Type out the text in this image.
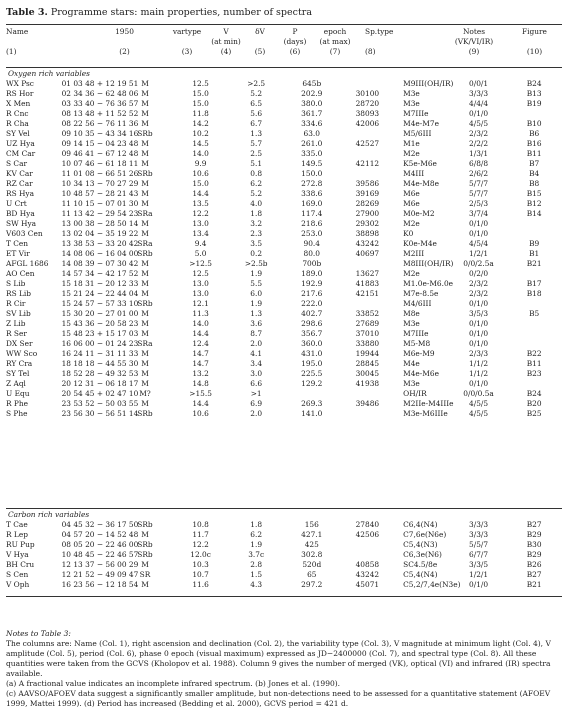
Table 3. Programme stars: main properties, number of spectra
Name	1950	vartype	V	δV	P	epoch	Sp.type	Notes	Figure
			(at min)		(days)	(at max)		(VK/VI/IR)	
(1)	(2)	(3)	(4)	(5)	(6)	(7)	(8)	(9)	(10)
Oxygen rich variables									
WX Psc	01 03 48 + 12 19 51	M	12.5	>2.5	645b		M9III(OH/IR)	0/0/1	B24
RS Hor	02 34 36 − 62 48 06	M	15.0	5.2	202.9	30100	M3e	3/3/3	B13
X Men	03 33 40 − 76 36 57	M	15.0	6.5	380.0	28720	M3e	4/4/4	B19
R Cnc	08 13 48 + 11 52 52	M	11.8	5.6	361.7	38093	M7IIIe	0/1/0	
R Cha	08 22 56 − 76 11 36	M	14.2	6.7	334.6	42006	M4e-M7e	4/5/5	B10
SY Vel	09 10 35 − 43 34 16	SRb	10.2	1.3	63.0		M5/6III	2/3/2	B6
UZ Hya	09 14 15 − 04 23 48	M	14.5	5.7	261.0	42527	M1e	2/2/2	B16
CM Car	09 46 41 − 67 12 48	M	14.0	2.5	335.0		M2e	1/3/1	B11
S Car	10 07 46 − 61 18 11	M	9.9	5.1	149.5	42112	K5e-M6e	6/8/8	B7
KV Car	11 01 08 − 66 51 26	SRb	10.6	0.8	150.0		M4III	2/6/2	B4
RZ Car	10 34 13 − 70 27 29	M	15.0	6.2	272.8	39586	M4e-M8e	5/7/7	B8
RS Hya	10 48 57 − 28 21 43	M	14.4	5.2	338.6	39169	M6e	5/7/7	B15
U Crt	11 10 15 − 07 01 30	M	13.5	4.0	169.0	28269	M6e	2/5/3	B12
BD Hya	11 13 42 − 29 54 23	SRa	12.2	1.8	117.4	27900	M0e-M2	3/7/4	B14
SW Hya	13 00 38 − 28 50 14	M	13.0	3.2	218.6	29302	M2e	0/1/0	
V603 Cen	13 02 04 − 35 19 22	M	13.4	2.3	253.0	38898	K0	0/1/0	
T Cen	13 38 53 − 33 20 42	SRa	9.4	3.5	90.4	43242	K0e-M4e	4/5/4	B9
ET Vir	14 08 06 − 16 04 00	SRb	5.0	0.2	80.0	40697	M2III	1/2/1	B1
AFGL 1686	14 08 39 − 07 30 42	M	>12.5	>2.5b	700b		M8III(OH/IR)	0/0/2.5a	B21
AO Cen	14 57 34 − 42 17 52	M	12.5	1.9	189.0	13627	M2e	0/2/0	
S Lib	15 18 31 − 20 12 33	M	13.0	5.5	192.9	41883	M1.0e-M6.0e	2/3/2	B17
RS Lib	15 21 24 − 22 44 04	M	13.0	6.0	217.6	42151	M7e-8.5e	2/3/2	B18
R Cir	15 24 57 − 57 33 10	SRb	12.1	1.9	222.0		M4/6III	0/1/0	
SV Lib	15 30 20 − 27 01 00	M	11.3	1.3	402.7	33852	M8e	3/5/3	B5
Z Lib	15 43 36 − 20 58 23	M	14.0	3.6	298.6	27689	M3e	0/1/0	
R Ser	15 48 23 + 15 17 03	M	14.4	8.7	356.7	37010	M7IIIe	0/1/0	
DX Ser	16 06 00 − 01 24 23	SRa	12.4	2.0	360.0	33880	M5-M8	0/1/0	
WW Sco	16 24 11 − 31 11 33	M	14.7	4.1	431.0	19944	M6e-M9	2/3/3	B22
RY Cra	18 18 18 − 44 55 30	M	14.7	3.4	195.0	28845	M4e	1/1/2	B11
SY Tel	18 52 28 − 49 32 53	M	13.2	3.0	225.5	30045	M4e-M6e	1/1/2	B23
Z Aql	20 12 31 − 06 18 17	M	14.8	6.6	129.2	41938	M3e	0/1/0	
U Equ	20 54 45 + 02 47 10	M?	>15.5	>1			OH/IR	0/0/0.5a	B24
R Phe	23 53 52 − 50 03 55	M	14.4	6.9	269.3	39486	M2IIe-M4IIIe	4/5/5	B20
S Phe	23 56 30 − 56 51 14	SRb	10.6	2.0	141.0		M3e-M6IIIe	4/5/5	B25
Carbon rich variables									
T Cae	04 45 32 − 36 17 50	SRb	10.8	1.8	156	27840	C6,4(N4)	3/3/3	B27
R Lep	04 57 20 − 14 52 48	M	11.7	6.2	427.1	42506	C7,6e(N6e)	3/3/3	B29
RU Pup	08 05 20 − 22 46 00	SRb	12.2	1.9	425		C5,4(N3)	5/5/7	B30
V Hya	10 48 45 − 22 46 57	SRb	12.0c	3.7c	302.8		C6,3e(N6)	6/7/7	B29
BH Cru	12 13 37 − 56 00 29	M	10.3	2.8	520d	40858	SC4.5/8e	3/3/5	B26
S Cen	12 21 52 − 49 09 47	SR	10.7	1.5	65	43242	C5,4(N4)	1/2/1	B27
V Oph	16 23 56 − 12 18 54	M	11.6	4.3	297.2	45071	C5,2/7,4e(N3e)	0/1/0	B21

Notes to Table 3:

The columns are: Name (Col. 1), right ascension and declination (Col. 2), the variability type (Col. 3), V magnitude at minimum light (Col. 4), V amplitude (Col. 5), period (Col. 6), phase 0 epoch (visual maximum) expressed as JD−2400000 (Col. 7), and spectral type (Col. 8). All these quantities were taken from the GCVS (Kholopov et al. 1988). Column 9 gives the number of merged (VK), optical (VI) and infrared (IR) spectra available.

(a) A fractional value indicates an incomplete infrared spectrum. (b) Jones et al. (1990).

(c) AAVSO/AFOEV data suggest a significantly smaller amplitude, but non-detections need to be assessed for a quantitative statement (AFOEV 1999, Mattei 1999). (d) Period has increased (Bedding et al. 2000), GCVS period = 421 d.
